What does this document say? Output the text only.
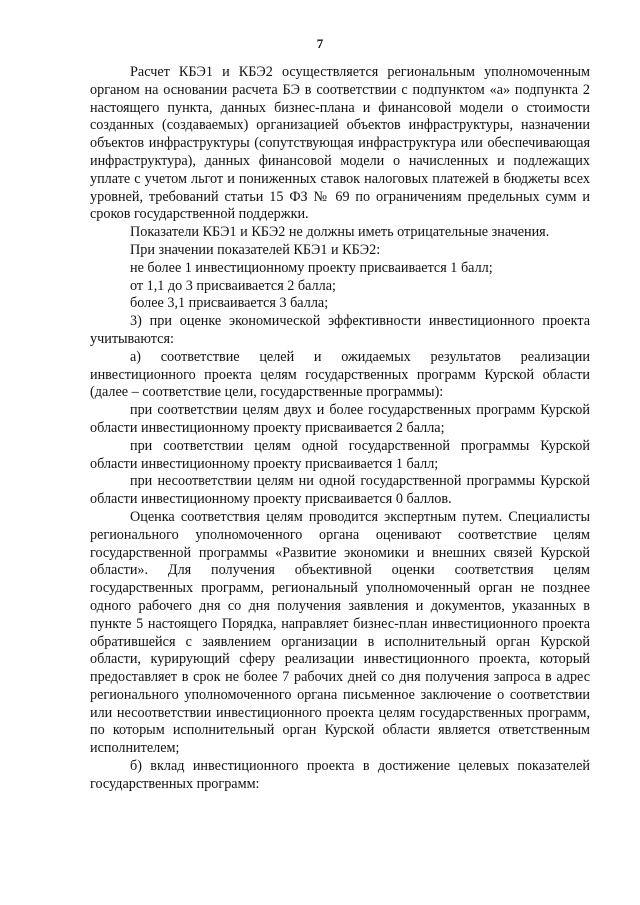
7

Расчет КБЭ1 и КБЭ2 осуществляется региональным уполномоченным органом на основании расчета БЭ в соответствии с подпунктом «а» подпункта 2 настоящего пункта, данных бизнес-плана и финансовой модели о стоимости созданных (создаваемых) организацией объектов инфраструктуры, назначении объектов инфраструктуры (сопутствующая инфраструктура или обеспечивающая инфраструктура), данных финансовой модели о начисленных и подлежащих уплате с учетом льгот и пониженных ставок налоговых платежей в бюджеты всех уровней, требований статьи 15 ФЗ № 69 по ограничениям предельных сумм и сроков государственной поддержки.

Показатели КБЭ1 и КБЭ2 не должны иметь отрицательные значения.

При значении показателей КБЭ1 и КБЭ2:

не более 1 инвестиционному проекту присваивается 1 балл;

от 1,1 до 3 присваивается 2 балла;

более 3,1 присваивается 3 балла;

3) при оценке экономической эффективности инвестиционного проекта учитываются:

а) соответствие целей и ожидаемых результатов реализации инвестиционного проекта целям государственных программ Курской области (далее – соответствие цели, государственные программы):

при соответствии целям двух и более государственных программ Курской области инвестиционному проекту присваивается 2 балла;

при соответствии целям одной государственной программы Курской области инвестиционному проекту присваивается 1 балл;

при несоответствии целям ни одной государственной программы Курской области инвестиционному проекту присваивается 0 баллов.

Оценка соответствия целям проводится экспертным путем. Специалисты регионального уполномоченного органа оценивают соответствие целям государственной программы «Развитие экономики и внешних связей Курской области». Для получения объективной оценки соответствия целям государственных программ, региональный уполномоченный орган не позднее одного рабочего дня со дня получения заявления и документов, указанных в пункте 5 настоящего Порядка, направляет бизнес-план инвестиционного проекта обратившейся с заявлением организации в исполнительный орган Курской области, курирующий сферу реализации инвестиционного проекта, который предоставляет в срок не более 7 рабочих дней со дня получения запроса в адрес регионального уполномоченного органа письменное заключение о соответствии или несоответствии инвестиционного проекта целям государственных программ, по которым исполнительный орган Курской области является ответственным исполнителем;

б) вклад инвестиционного проекта в достижение целевых показателей государственных программ:
